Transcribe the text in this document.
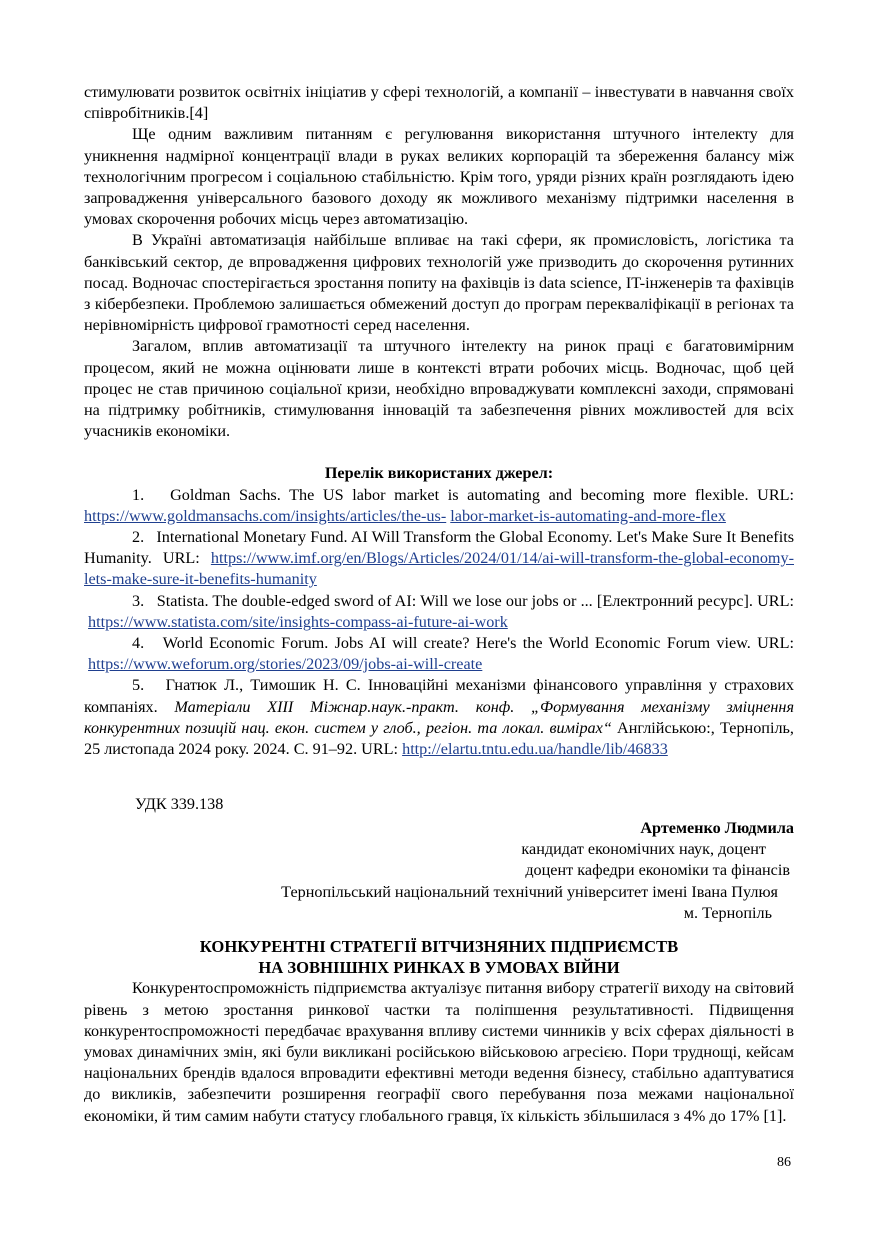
стимулювати розвиток освітніх ініціатив у сфері технологій, а компанії – інвестувати в навчання своїх співробітників.[4]

Ще одним важливим питанням є регулювання використання штучного інтелекту для уникнення надмірної концентрації влади в руках великих корпорацій та збереження балансу між технологічним прогресом і соціальною стабільністю. Крім того, уряди різних країн розглядають ідею запровадження універсального базового доходу як можливого механізму підтримки населення в умовах скорочення робочих місць через автоматизацію.

В Україні автоматизація найбільше впливає на такі сфери, як промисловість, логістика та банківський сектор, де впровадження цифрових технологій уже призводить до скорочення рутинних посад. Водночас спостерігається зростання попиту на фахівців із data science, IT-інженерів та фахівців з кібербезпеки. Проблемою залишається обмежений доступ до програм перекваліфікації в регіонах та нерівномірність цифрової грамотності серед населення.

Загалом, вплив автоматизації та штучного інтелекту на ринок праці є багатовимірним процесом, який не можна оцінювати лише в контексті втрати робочих місць. Водночас, щоб цей процес не став причиною соціальної кризи, необхідно впроваджувати комплексні заходи, спрямовані на підтримку робітників, стимулювання інновацій та забезпечення рівних можливостей для всіх учасників економіки.

Перелік використаних джерел:

1. Goldman Sachs. The US labor market is automating and becoming more flexible. URL: https://www.goldmansachs.com/insights/articles/the-us- labor-market-is-automating-and-more-flex

2. International Monetary Fund. AI Will Transform the Global Economy. Let's Make Sure It Benefits Humanity. URL: https://www.imf.org/en/Blogs/Articles/2024/01/14/ai-will-transform-the-global-economy- lets-make-sure-it-benefits-humanity

3. Statista. The double-edged sword of AI: Will we lose our jobs or ... [Електронний ресурс]. URL:  https://www.statista.com/site/insights-compass-ai-future-ai-work

4. World Economic Forum. Jobs AI will create? Here's the World Economic Forum view. URL:  https://www.weforum.org/stories/2023/09/jobs-ai-will-create

5. Гнатюк Л., Тимошик Н. С. Інноваційні механізми фінансового управління у страхових компаніях. Матеріали ХІІІ Міжнар.наук.-практ. конф. „Формування механізму зміцнення конкурентних позицій нац. екон. систем у глоб., регіон. та локал. вимірах“ Англійською:, Тернопіль, 25 листопада 2024 року. 2024. С. 91–92. URL: http://elartu.tntu.edu.ua/handle/lib/46833

УДК 339.138
Артеменко Людмила
кандидат економічних наук, доцент
доцент кафедри економіки та фінансів
Тернопільський національний технічний університет імені Івана Пулюя
м. Тернопіль
КОНКУРЕНТНІ СТРАТЕГІЇ ВІТЧИЗНЯНИХ ПІДПРИЄМСТВ
НА ЗОВНІШНІХ РИНКАХ В УМОВАХ ВІЙНИ

Конкурентоспроможність підприємства актуалізує питання вибору стратегії виходу на світовий рівень з метою зростання ринкової частки та поліпшення результативності. Підвищення конкурентоспроможності передбачає врахування впливу системи чинників у всіх сферах діяльності в умовах динамічних змін, які були викликані російською військовою агресією. Пори труднощі, кейсам національних брендів вдалося впровадити ефективні методи ведення бізнесу, стабільно адаптуватися до викликів, забезпечити розширення географії свого перебування поза межами національної економіки, й тим самим набути статусу глобального гравця, їх кількість збільшилася з 4% до 17% [1].

86
